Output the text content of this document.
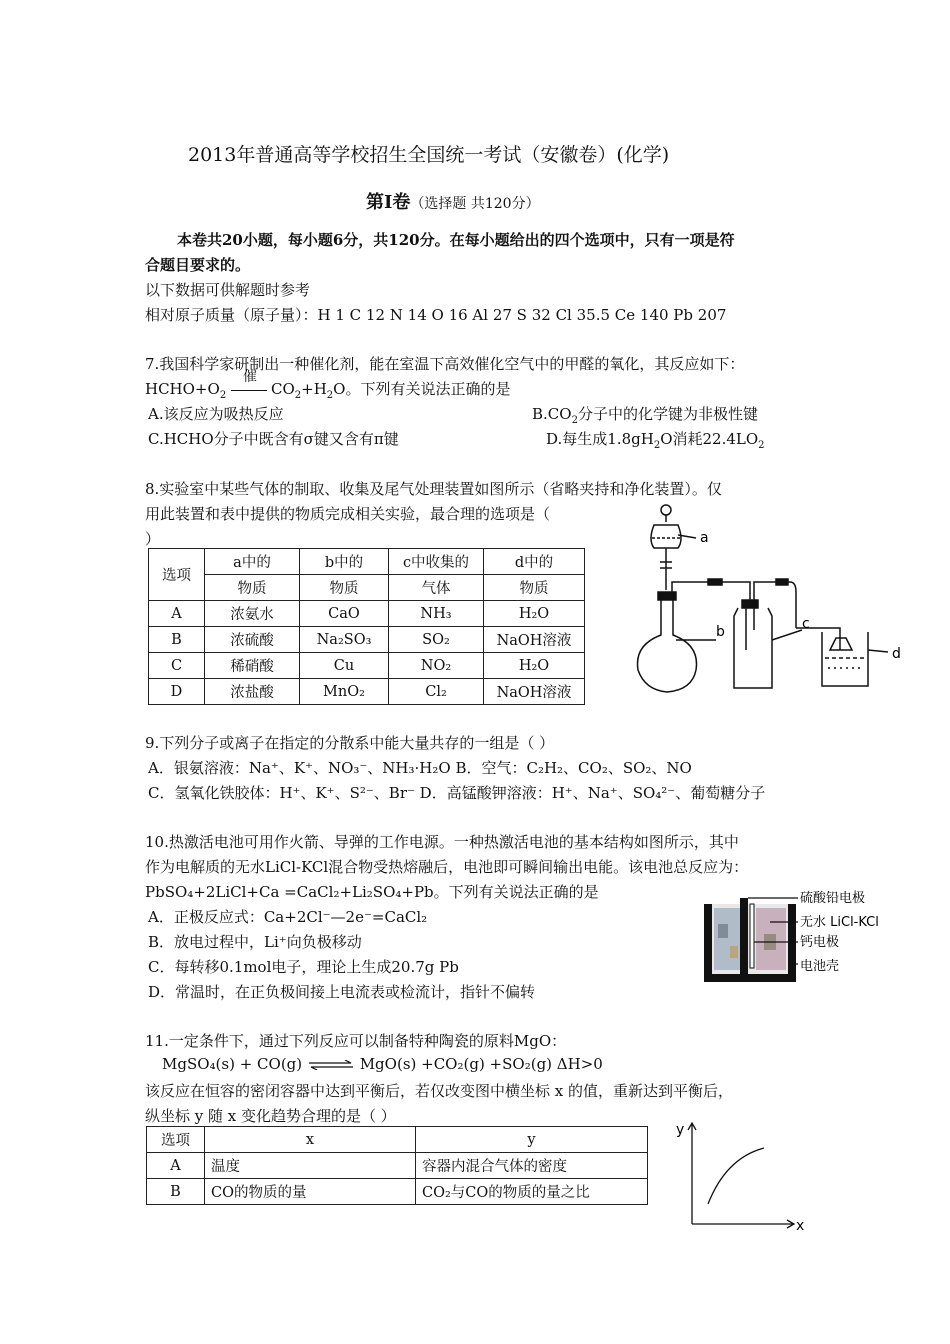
2013年普通高等学校招生全国统一考试（安徽卷）(化学)
第I卷（选择题 共120分）
本卷共20小题，每小题6分，共120分。在每小题给出的四个选项中，只有一项是符
合题目要求的。
以下数据可供解题时参考
相对原子质量（原子量）：H 1 C 12 N 14 O 16 Al 27 S 32 Cl 35.5 Ce 140 Pb 207
7.我国科学家研制出一种催化剂，能在室温下高效催化空气中的甲醛的氧化，其反应如下：
$HCHO+O_2$
催
$CO_2+H_2O$。下列有关说法正确的是
A.该反应为吸热反应	$B.CO_2$分子中的化学键为非极性键
C.HCHO分子中既含有σ键又含有π键	D.每生成$1.8gH_2O$消耗$22.4LO_2$
8.实验室中某些气体的制取、收集及尾气处理装置如图所示（省略夹持和净化装置）。仅
用此装置和表中提供的物质完成相关实验，最合理的选项是（
）
选项	a中的	b中的	c中收集的	d中的
	物质	物质	气体	物质
A	浓氨水	CaO	NH₃	H₂O
B	浓硫酸	Na₂SO₃	SO₂	NaOH溶液
C	稀硝酸	Cu	NO₂	H₂O
D	浓盐酸	MnO₂	Cl₂	NaOH溶液
a
b	c
d
9.下列分子或离子在指定的分散系中能大量共存的一组是（ ）
A．银氨溶液：Na⁺、K⁺、NO₃⁻、NH₃·H₂O B．空气：C₂H₂、CO₂、SO₂、NO
C．氢氧化铁胶体：H⁺、K⁺、S²⁻、Br⁻ D．高锰酸钾溶液：H⁺、Na⁺、SO₄²⁻、葡萄糖分子
10.热激活电池可用作火箭、导弹的工作电源。一种热激活电池的基本结构如图所示，其中
作为电解质的无水LiCl-KCl混合物受热熔融后，电池即可瞬间输出电能。该电池总反应为：
PbSO₄+2LiCl+Ca =CaCl₂+Li₂SO₄+Pb。下列有关说法正确的是
A．正极反应式：Ca+2Cl⁻—2e⁻=CaCl₂
B．放电过程中，Li⁺向负极移动
C．每转移0.1mol电子，理论上生成20.7g Pb
D．常温时，在正负极间接上电流表或检流计，指针不偏转
硫酸铅电极
无水 LiCl-KCl
钙电极
电池壳
11.一定条件下，通过下列反应可以制备特种陶瓷的原料MgO：
MgSO₄(s) + CO(g) ⇌ MgO(s) +CO₂(g) +SO₂(g) ΔH>0
该反应在恒容的密闭容器中达到平衡后，若仅改变图中横坐标 x 的值，重新达到平衡后，
纵坐标 y 随 x 变化趋势合理的是（ ）
选项	x	y
A	温度	容器内混合气体的密度
B	CO的物质的量	CO₂与CO的物质的量之比
y
x
